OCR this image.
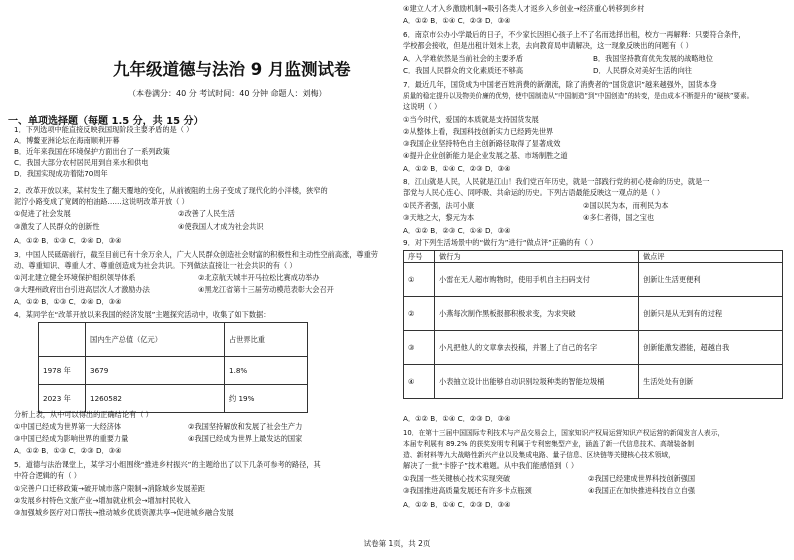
九年级道德与法治 9 月监测试卷
（本卷满分：40 分 考试时间：40 分钟 命题人：刘梅）
一、单项选择题（每题 1.5 分，共 15 分）
1．下列选项中能直接反映我国现阶段主要矛盾的是（ ）
A．博鳌亚洲论坛在海南顺利开幕
B．近年来我国在环境保护方面出台了一系列政策
C．我国大部分农村居民用到自来水和供电
D．我国实现成功着陆70周年
2．改革开放以来，某村发生了翻天覆地的变化，从前被阻的土房子变成了现代化的小洋楼，狭窄的
泥泞小路变成了宽阔的柏油路……这说明改革开放（ ）
①促进了社会发展	②改善了人民生活
③激发了人民群众的创新性	④使我国人才成为社会共识
A．①② B．①③ C．②④ D．③④
3．中国人民砥砺前行，截至目前已有十余万余人，广大人民群众创造社会财富的积极性和主动性空前高涨，尊重劳
动、尊重知识、尊重人才、尊重创造成为社会共识。下列做法直接让一社会共识的有（ ）
①河北建立健全环境保护组织领导体系	②北京航天城丰开马拉松比赛成功举办
③大理州政府出台引进高层次人才激励办法	④黑龙江省第十三届劳动模范表彰大会召开
A．①② B．①③ C．②④ D．③④
4．某同学在“改革开放以来我国的经济发展”主题探究活动中，收集了如下数据：
	国内生产总值（亿元）	占世界比重
1978 年	3679	1.8%
2023 年	1260582	约 19%
分析上表，从中可以得出的正确结论有（ ）
①中国已经成为世界第一大经济体	②我国坚持解放和发展了社会生产力
③中国已经成为影响世界的重要力量	④我国已经成为世界上最发达的国家
A．①② B．①③ C．②③ D．③④
5．道德与法治课堂上，某学习小组围绕“推进乡村振兴”的主题给出了以下几条可参考的路径，其
中符合逻辑的有（ ）
①完善户口迁移政策→破开城市落户限制→消除城乡发展差距
②发展乡村特色文旅产业→增加就业机会→增加村民收入
③加强城乡医疗对口帮扶→推动城乡优质资源共享→促进城乡融合发展
④建立人才入乡激励机制→吸引各类人才返乡入乡创业→经济重心转移到乡村
A．①② B．①④ C．②③ D．③④
6．南京市公办小学最后的日子，不少家长因担心孩子上不了名而选择出租，校方一再解释：只要符合条件，
学校都会接收，但是出租计划未上表，去向教育局申请解决，这一现象反映出的问题有（ ）
A．入学难依然是当前社会的主要矛盾	B．我国坚持教育优先发展的战略地位
C．我国人民群众的文化素质还不够高	D．人民群众对美好生活的向往
7．最近几年，国货成为中国老百姓消费的新潮流，除了消费者的“国货意识”越来越强外，国货本身
质量的稳定提升以及物美价廉的优势，使中国制造从“中国制造”到“中国创造”的转变，是由成本不断提升的“硬核”要素。
这说明（ ）
①当今时代，爱国的本质就是支持国货发展
②从整体上看，我国科技创新实力已经跨先世界
③我国企业坚持特色自主创新路径取得了显著成效
④提升企业创新能力是企业发展之基、市场制胜之道
A．①② B．①④ C．②③ D．③④
8．江山就是人民，人民就是江山！我们党百年历史，就是一部践行党的初心使命的历史，就是一
部党与人民心连心、同呼吸、共命运的历史。下列古语最能反映这一观点的是（ ）
①民齐者强，法可小康	②国以民为本，而利民为本
③天地之大，黎元为本	④多仁者得，国之宝也
A．①② B．②③ C．①④ D．③④
9．对下列生活场景中的“做行为”进行“做点评”正确的有（ ）
序号	做行为	做点评
①	小雷在无人超市购物时，使用手机自主扫码支付	创新让生活更便利
②	小燕每次制作黑板报都积极求变，为求突破	创新只是从无到有的过程
③	小凡把他人的文章拿去投稿，并署上了自己的名字	创新能激发潜能，超越自我
④	小表抽立设计出能够自动识别垃圾种类的智能垃圾桶	生活处处有创新
A．①② B．①④ C．②③ D．③④
10．在第十三届中国国际专利技术与产品交易会上，国家知识产权局运营知识产权运营的新闻发言人表示，
本届专利展有 89.2% 的获奖发明专利属于专利密集型产业，涵盖了新一代信息技术、高端装备制
造、新材料等九大战略性新兴产业以及集成电路、量子信息、区块链等关键核心技术领域，
解决了一批“卡脖子”技术难题。从中我们能感悟到（ ）
①我国一些关键核心技术实现突破	②我国已经建成世界科技创新强国
③我国推进高质量发展还有许多卡点瓶颈	④我国正在加快推进科技自立自强
A．①② B．①④ C．②③ D．③④
试卷第 1页，共 2页
